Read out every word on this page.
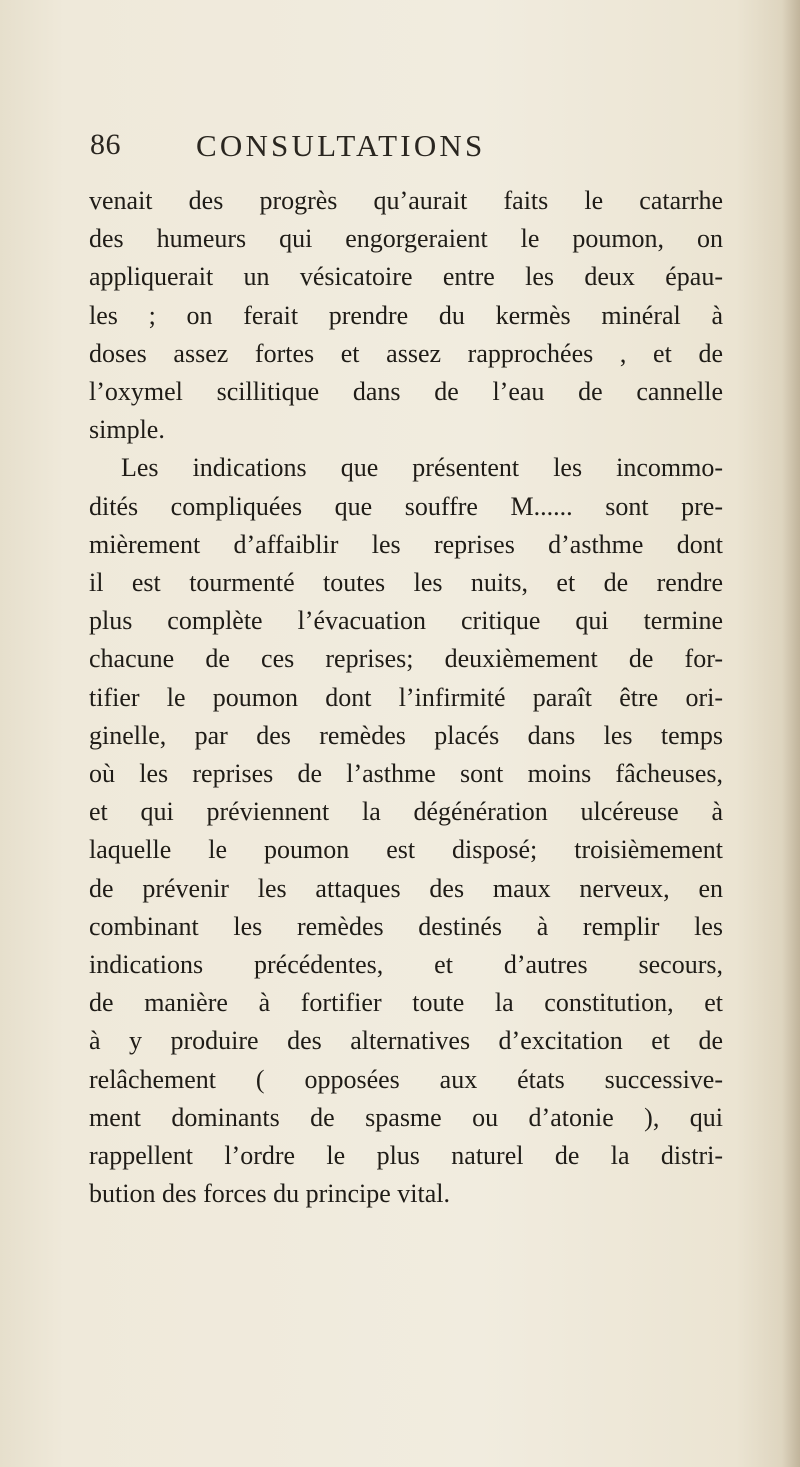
86 CONSULTATIONS
venait des progrès qu’aurait faits le catarrhe
des humeurs qui engorgeraient le poumon, on
appliquerait un vésicatoire entre les deux épau-
les ; on ferait prendre du kermès minéral à
doses assez fortes et assez rapprochées , et de
l’oxymel scillitique dans de l’eau de cannelle
simple.
Les indications que présentent les incommo-
dités compliquées que souffre M...... sont pre-
mièrement d’affaiblir les reprises d’asthme dont
il est tourmenté toutes les nuits, et de rendre
plus complète l’évacuation critique qui termine
chacune de ces reprises; deuxièmement de for-
tifier le poumon dont l’infirmité paraît être ori-
ginelle, par des remèdes placés dans les temps
où les reprises de l’asthme sont moins fâcheuses,
et qui préviennent la dégénération ulcéreuse à
laquelle le poumon est disposé; troisièmement
de prévenir les attaques des maux nerveux, en
combinant les remèdes destinés à remplir les
indications précédentes, et d’autres secours,
de manière à fortifier toute la constitution, et
à y produire des alternatives d’excitation et de
relâchement ( opposées aux états successive-
ment dominants de spasme ou d’atonie ), qui
rappellent l’ordre le plus naturel de la distri-
bution des forces du principe vital.
